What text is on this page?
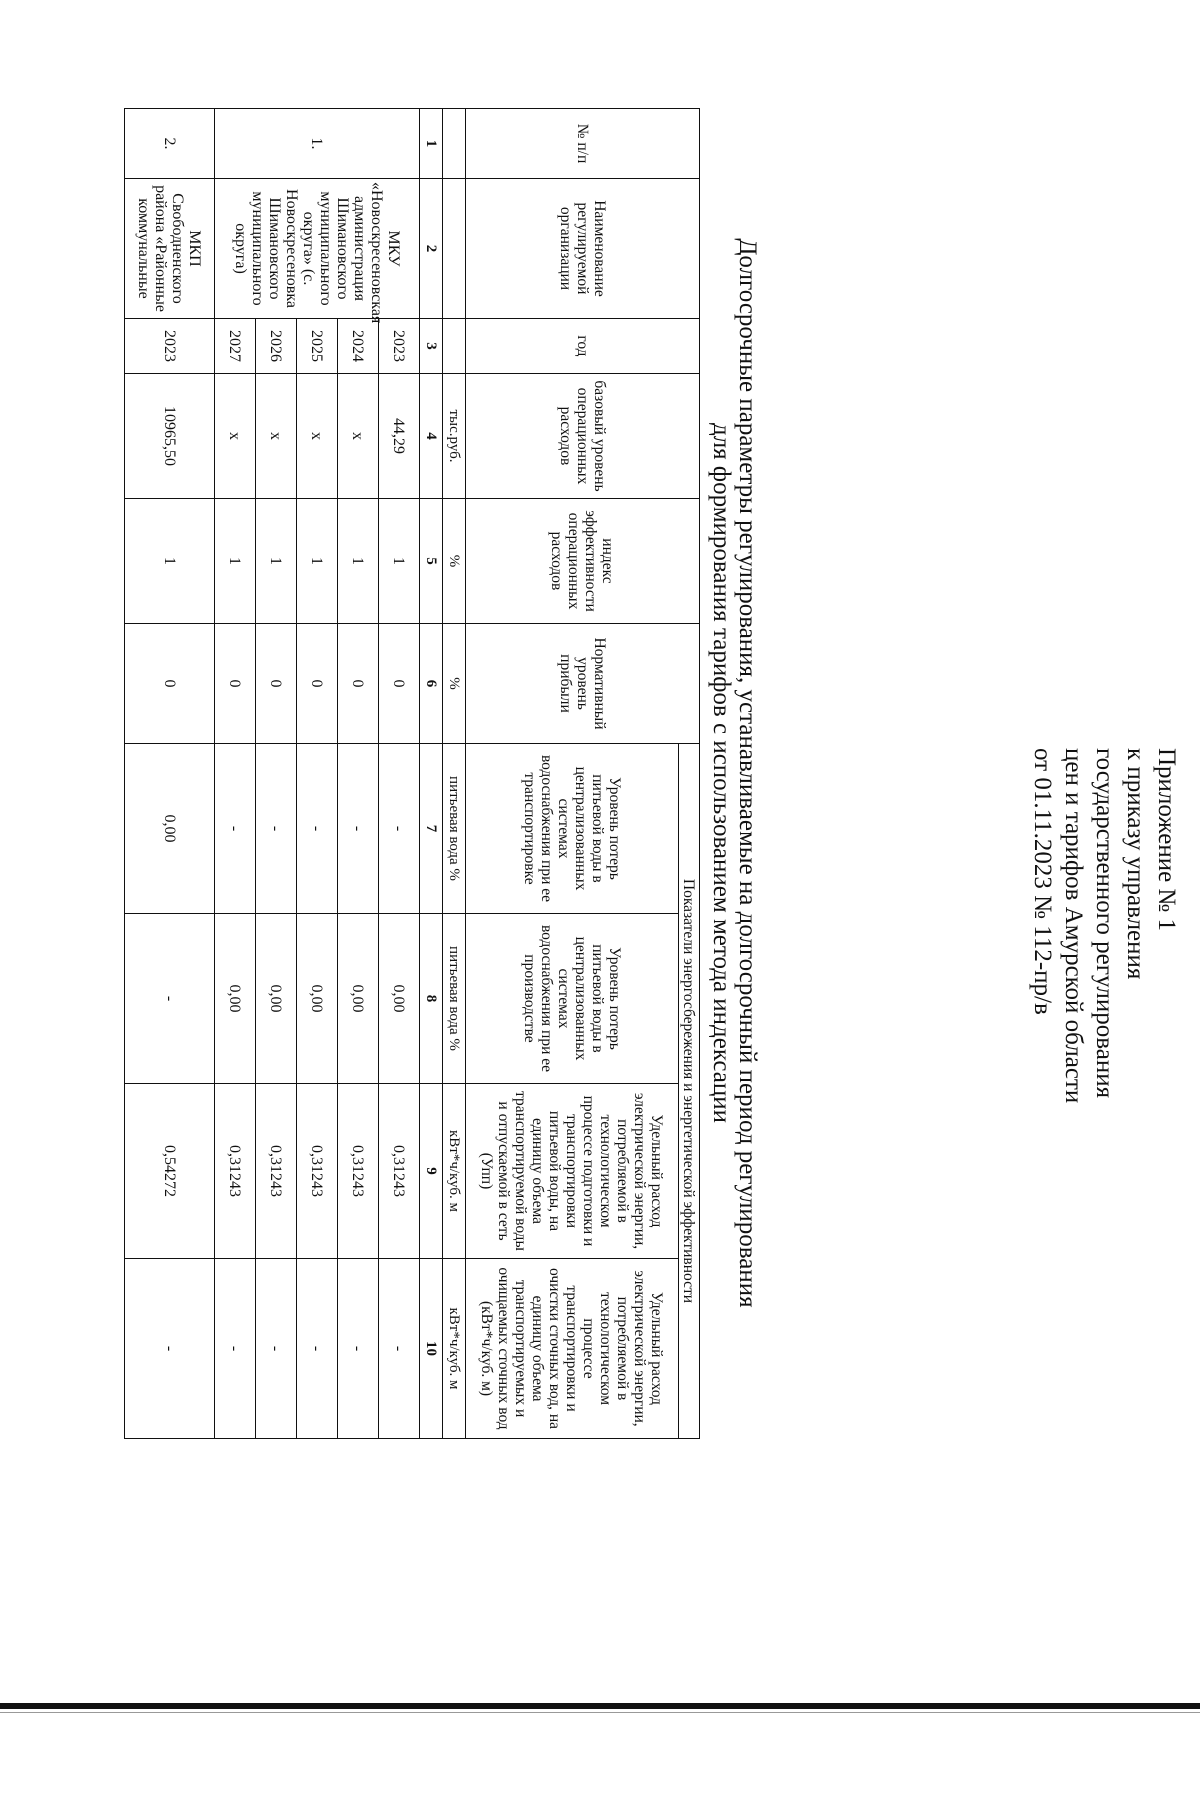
Приложение № 1
к приказу управления
государственного регулирования
цен и тарифов Амурской области
от 01.11.2023 № 112-пр/в
Долгосрочные параметры регулирования, устанавливаемые на долгосрочный период регулирования
для формирования тарифов с использованием метода индексации
№ п/п	Наименование регулируемой организации	год	базовый уровень операционных расходов	индекс эффективности операционных расходов	Нормативный уровень прибыли	Показатели энергосбережения и энергетической эффективности			
						Уровень потерь питьевой воды в централизованных системах водоснабжения при ее транспортировке	Уровень потерь питьевой воды в централизованных системах водоснабжения при ее производстве	Удельный расход электрической энергии, потребляемой в технологическом процессе подготовки и транспортировки питьевой воды, на единицу объема транспортируемой воды и отпускаемой в сеть (Упп)	Удельный расход электрической энергии, потребляемой в технологическом процессе транспортировки и очистки сточных вод, на единицу объема транспортируемых и очищаемых сточных вод (кВт*ч/куб. м)
			тыс.руб.	%	%	питьевая вода %	питьевая вода %	кВт*ч/куб. м	кВт*ч/куб. м
1	2	3	4	5	6	7	8	9	10
1.	МКУ «Новоскресеновская администрация Шимановского муниципального округа» (с. Новоскресеновка Шимановского муниципального округа)	2023	44,29	1	0	-	0,00	0,31243	-
		2024	x	1	0	-	0,00	0,31243	-
		2025	x	1	0	-	0,00	0,31243	-
		2026	x	1	0	-	0,00	0,31243	-
		2027	x	1	0	-	0,00	0,31243	-
2.	МКП Свободненского района «Районные коммунальные	2023	10965,50	1	0	0,00	-	0,54272	-
